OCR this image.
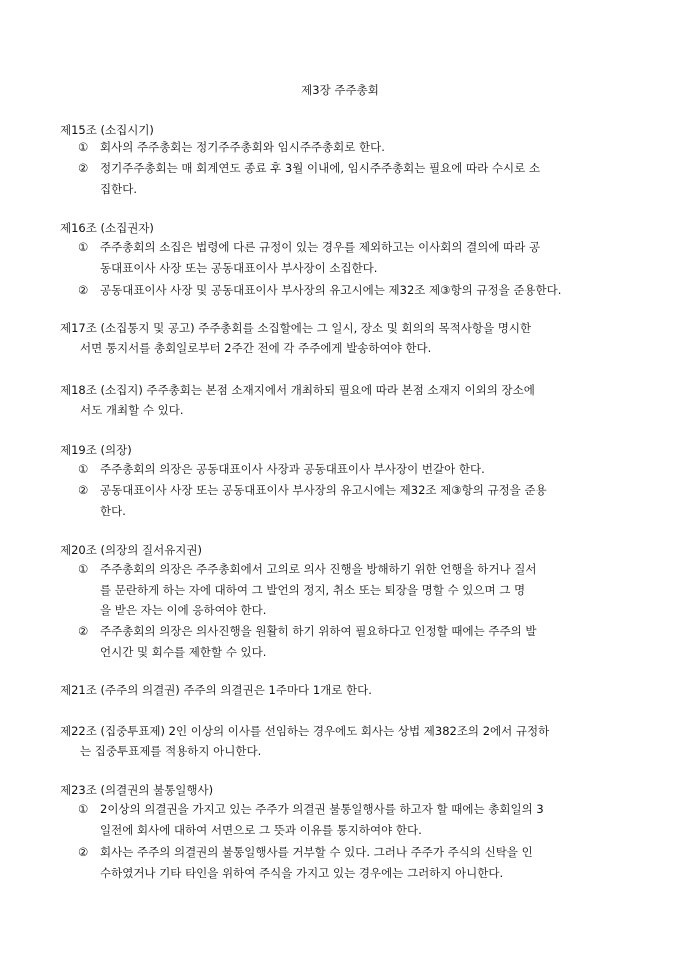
제3장 주주총회
제15조 (소집시기)
①	회사의 주주총회는 정기주주총회와 임시주주총회로 한다.
②	정기주주총회는 매 회계연도 종료 후 3월 이내에, 임시주주총회는 필요에 따라 수시로 소
집한다.
제16조 (소집권자)
①	주주총회의 소집은 법령에 다른 규정이 있는 경우를 제외하고는 이사회의 결의에 따라 공
동대표이사 사장 또는 공동대표이사 부사장이 소집한다.
②	공동대표이사 사장 및 공동대표이사 부사장의 유고시에는 제32조 제③항의 규정을 준용한다.
제17조 (소집통지 및 공고) 주주총회를 소집할에는 그 일시, 장소 및 회의의 목적사항을 명시한
서면 통지서를 총회일로부터 2주간 전에 각 주주에게 발송하여야 한다.
제18조 (소집지) 주주총회는 본점 소재지에서 개최하되 필요에 따라 본점 소재지 이외의 장소에
서도 개최할 수 있다.
제19조 (의장)
①	주주총회의 의장은 공동대표이사 사장과 공동대표이사 부사장이 번갈아 한다.
②	공동대표이사 사장 또는 공동대표이사 부사장의 유고시에는 제32조 제③항의 규정을 준용
한다.
제20조 (의장의 질서유지권)
①	주주총회의 의장은 주주총회에서 고의로 의사 진행을 방해하기 위한 언행을 하거나 질서
를 문란하게 하는 자에 대하여 그 발언의 정지, 취소 또는 퇴장을 명할 수 있으며 그 명
을 받은 자는 이에 응하여야 한다.
②	주주총회의 의장은 의사진행을 원활히 하기 위하여 필요하다고 인정할 때에는 주주의 발
언시간 및 회수를 제한할 수 있다.
제21조 (주주의 의결권) 주주의 의결권은 1주마다 1개로 한다.
제22조 (집중투표제) 2인 이상의 이사를 선임하는 경우에도 회사는 상법 제382조의 2에서 규정하
는 집중투표제를 적용하지 아니한다.
제23조 (의결권의 불통일행사)
①	2이상의 의결권을 가지고 있는 주주가 의결권 불통일행사를 하고자 할 때에는 총회일의 3
일전에 회사에 대하여 서면으로 그 뜻과 이유를 통지하여야 한다.
②	회사는 주주의 의결권의 불통일행사를 거부할 수 있다. 그러나 주주가 주식의 신탁을 인
수하였거나 기타 타인을 위하여 주식을 가지고 있는 경우에는 그러하지 아니한다.
